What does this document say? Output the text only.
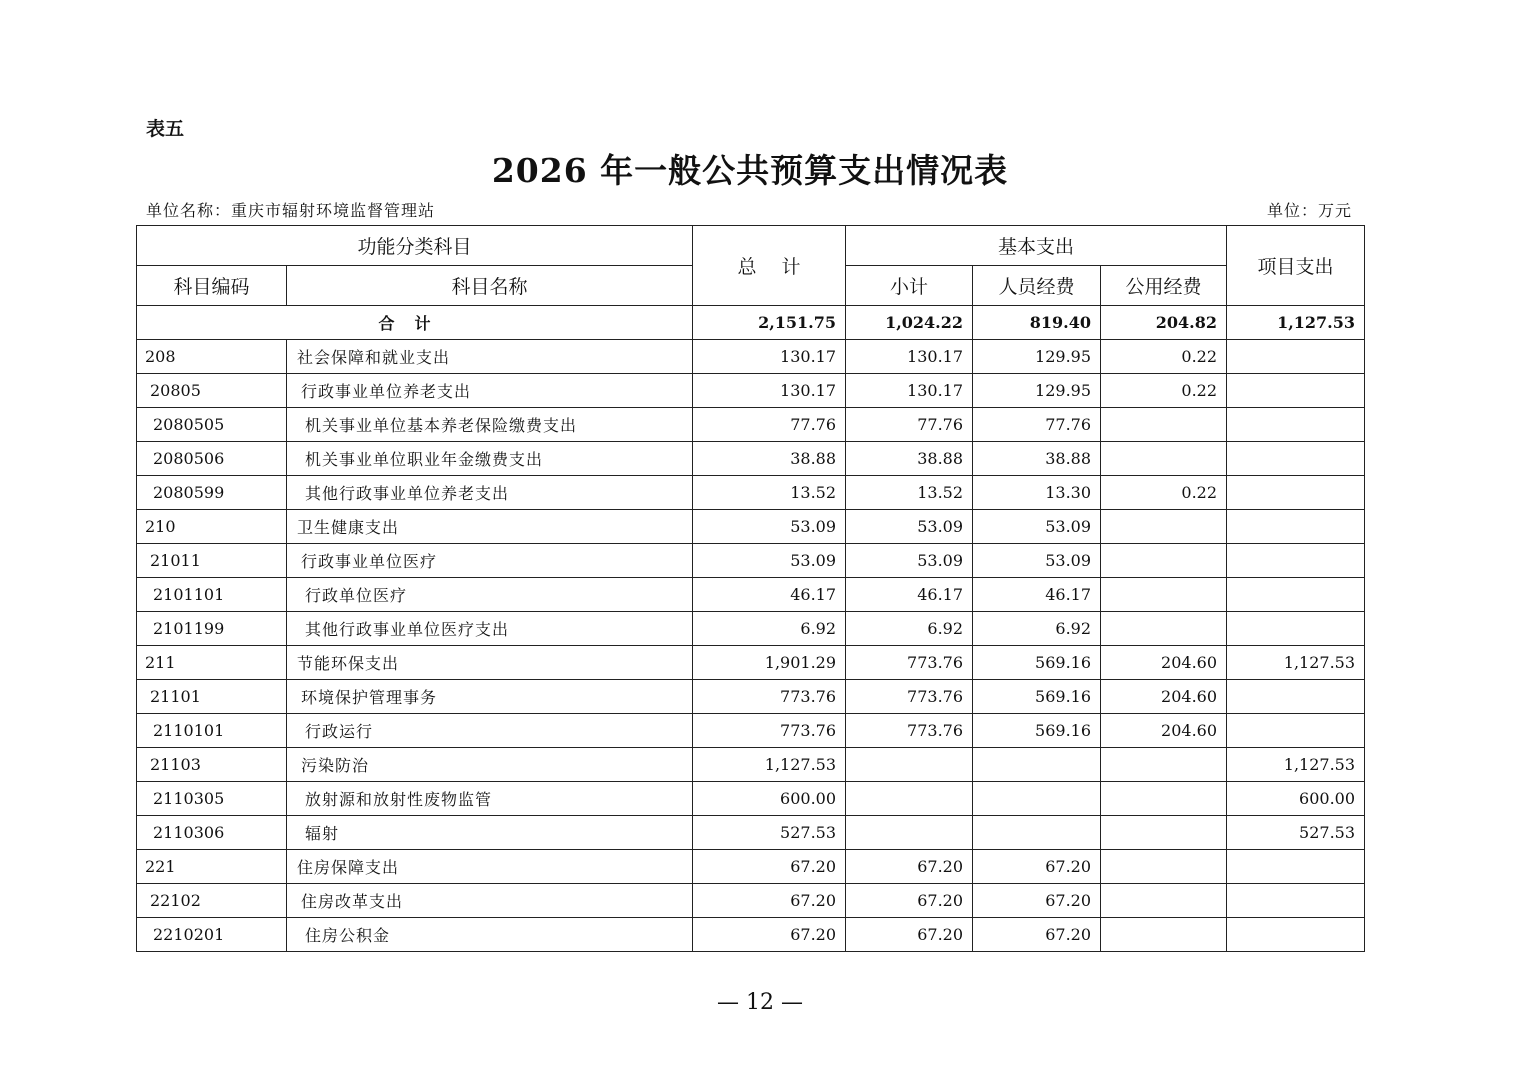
表五
2026 年一般公共预算支出情况表
单位名称：重庆市辐射环境监督管理站	单位：万元
功能分类科目		总　 计	基本支出			项目支出
科目编码	科目名称		小计	人员经费	公用经费	
合计		2,151.75	1,024.22	819.40	204.82	1,127.53
208	社会保障和就业支出	130.17	130.17	129.95	0.22	
20805	行政事业单位养老支出	130.17	130.17	129.95	0.22	
2080505	机关事业单位基本养老保险缴费支出	77.76	77.76	77.76		
2080506	机关事业单位职业年金缴费支出	38.88	38.88	38.88		
2080599	其他行政事业单位养老支出	13.52	13.52	13.30	0.22	
210	卫生健康支出	53.09	53.09	53.09		
21011	行政事业单位医疗	53.09	53.09	53.09		
2101101	行政单位医疗	46.17	46.17	46.17		
2101199	其他行政事业单位医疗支出	6.92	6.92	6.92		
211	节能环保支出	1,901.29	773.76	569.16	204.60	1,127.53
21101	环境保护管理事务	773.76	773.76	569.16	204.60	
2110101	行政运行	773.76	773.76	569.16	204.60	
21103	污染防治	1,127.53				1,127.53
2110305	放射源和放射性废物监管	600.00				600.00
2110306	辐射	527.53				527.53
221	住房保障支出	67.20	67.20	67.20		
22102	住房改革支出	67.20	67.20	67.20		
2210201	住房公积金	67.20	67.20	67.20		
— 12 —
